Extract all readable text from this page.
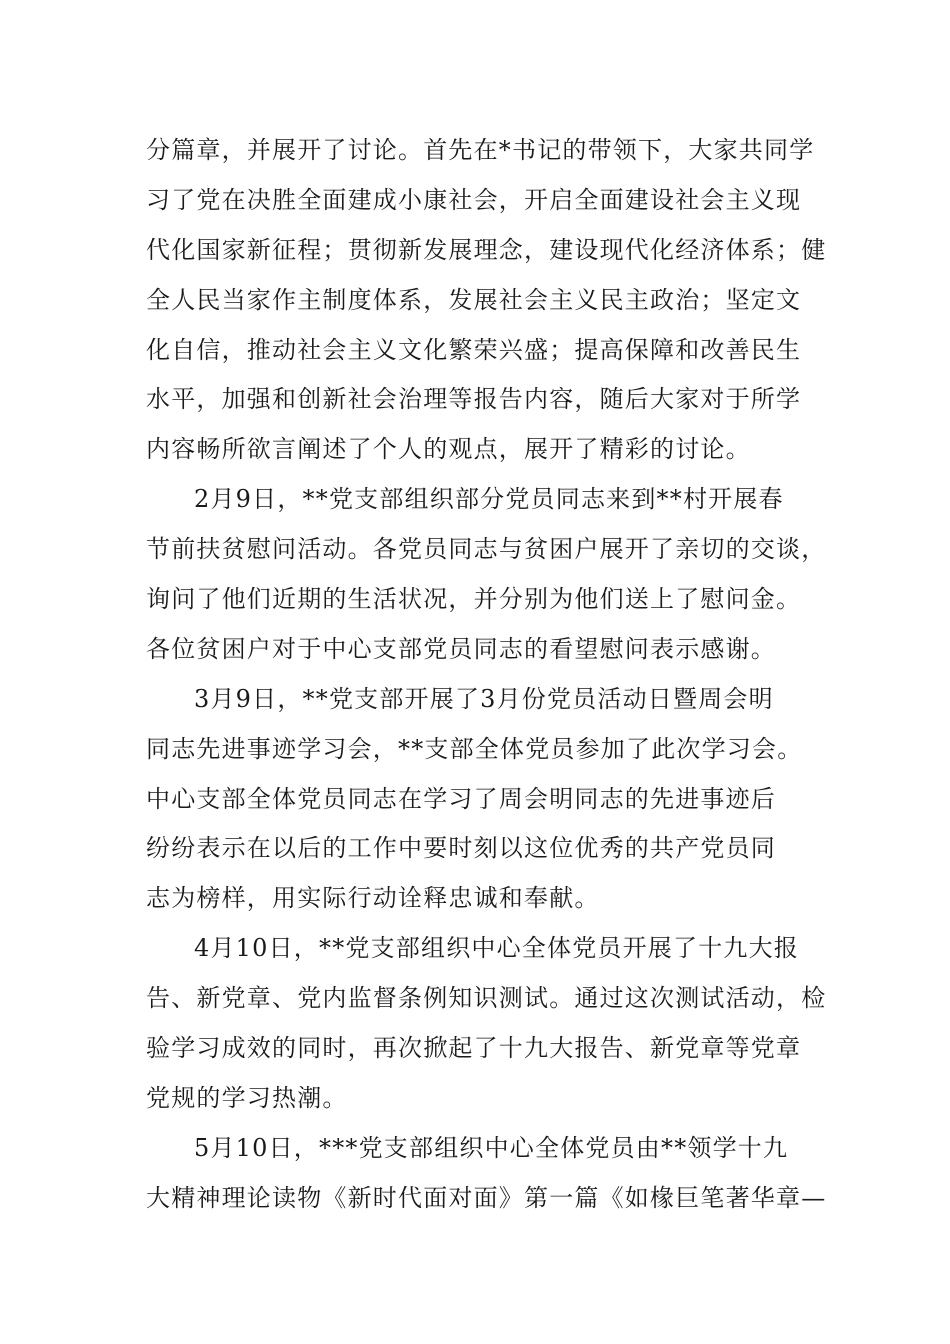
分篇章，并展开了讨论。首先在*书记的带领下，大家共同学
习了党在决胜全面建成小康社会，开启全面建设社会主义现
代化国家新征程；贯彻新发展理念，建设现代化经济体系；健
全人民当家作主制度体系，发展社会主义民主政治；坚定文
化自信，推动社会主义文化繁荣兴盛；提高保障和改善民生
水平，加强和创新社会治理等报告内容，随后大家对于所学
内容畅所欲言阐述了个人的观点，展开了精彩的讨论。
2月9日，**党支部组织部分党员同志来到**村开展春
节前扶贫慰问活动。各党员同志与贫困户展开了亲切的交谈，
询问了他们近期的生活状况，并分别为他们送上了慰问金。
各位贫困户对于中心支部党员同志的看望慰问表示感谢。
3月9日，**党支部开展了3月份党员活动日暨周会明
同志先进事迹学习会，**支部全体党员参加了此次学习会。
中心支部全体党员同志在学习了周会明同志的先进事迹后
纷纷表示在以后的工作中要时刻以这位优秀的共产党员同
志为榜样，用实际行动诠释忠诚和奉献。
4月10日，**党支部组织中心全体党员开展了十九大报
告、新党章、党内监督条例知识测试。通过这次测试活动，检
验学习成效的同时，再次掀起了十九大报告、新党章等党章
党规的学习热潮。
5月10日，***党支部组织中心全体党员由**领学十九
大精神理论读物《新时代面对面》第一篇《如椽巨笔著华章—
